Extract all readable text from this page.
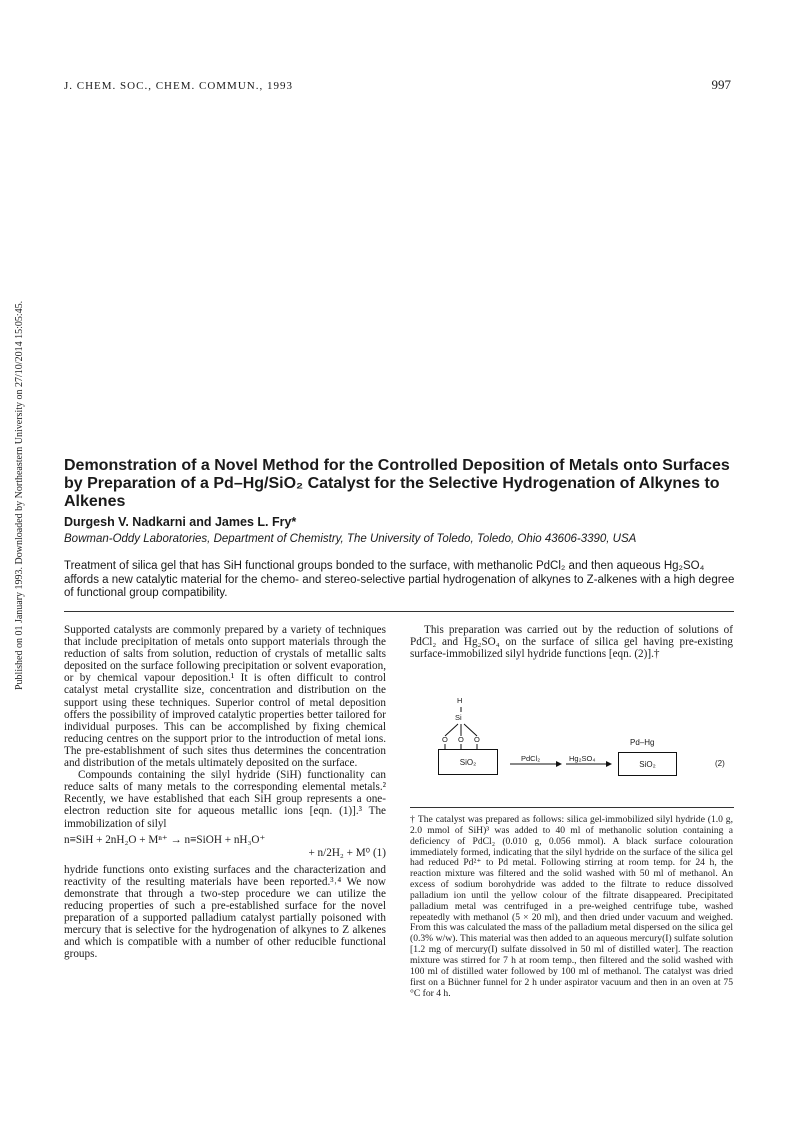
J. CHEM. SOC., CHEM. COMMUN., 1993	997
Published on 01 January 1993. Downloaded by Northeastern University on 27/10/2014 15:05:45. Demonstration of a Novel Method for the Controlled Deposition of Metals onto Surfaces by Preparation of a Pd–Hg/SiO₂ Catalyst for the Selective Hydrogenation of Alkynes to Alkenes
Durgesh V. Nadkarni and James L. Fry*
Bowman-Oddy Laboratories, Department of Chemistry, The University of Toledo, Toledo, Ohio 43606-3390, USA
Treatment of silica gel that has SiH functional groups bonded to the surface, with methanolic PdCl₂ and then aqueous Hg₂SO₄ affords a new catalytic material for the chemo- and stereo-selective partial hydrogenation of alkynes to Z-alkenes with a high degree of functional group compatibility.

Supported catalysts are commonly prepared by a variety of techniques that include precipitation of metals onto support materials through the reduction of salts from solution, reduction of crystals of metallic salts deposited on the surface following precipitation or solvent evaporation, or by chemical vapour deposition.¹ It is often difficult to control catalyst metal crystallite size, concentration and distribution on the support using these techniques. Superior control of metal deposition offers the possibility of improved catalytic properties better tailored for individual purposes. This can be accomplished by fixing chemical reducing centres on the support prior to the introduction of metal ions. The pre-establishment of such sites thus determines the concentration and distribution of the metals ultimately deposited on the surface.

Compounds containing the silyl hydride (SiH) functionality can reduce salts of many metals to the corresponding elemental metals.² Recently, we have established that each SiH group represents a one-electron reduction site for aqueous metallic ions [eqn. (1)].³ The immobilization of silyl

n≡SiH + 2nH₂O + Mⁿ⁺ → n≡SiOH + nH₃O⁺
+ n/2H₂ + M⁰ (1)

hydride functions onto existing surfaces and the characterization and reactivity of the resulting materials have been reported.³˒⁴ We now demonstrate that through a two-step procedure we can utilize the reducing properties of such a pre-established surface for the novel preparation of a supported palladium catalyst partially poisoned with mercury that is selective for the hydrogenation of alkynes to Z alkenes and which is compatible with a number of other reducible functional groups.

This preparation was carried out by the reduction of solutions of PdCl₂ and Hg₂SO₄ on the surface of silica gel having pre-existing surface-immobilized silyl hydride functions [eqn. (2)].†

H
Si
O O O
SiO₂	PdCl₂	Hg₂SO₄
Pd–Hg
SiO₂	(2)
† The catalyst was prepared as follows: silica gel-immobilized silyl hydride (1.0 g, 2.0 mmol of SiH)³ was added to 40 ml of methanolic solution containing a deficiency of PdCl₂ (0.010 g, 0.056 mmol). A black surface colouration immediately formed, indicating that the silyl hydride on the surface of the silica gel had reduced Pd²⁺ to Pd metal. Following stirring at room temp. for 24 h, the reaction mixture was filtered and the solid washed with 50 ml of methanol. An excess of sodium borohydride was added to the filtrate to reduce dissolved palladium ion until the yellow colour of the filtrate disappeared. Precipitated palladium metal was centrifuged in a pre-weighed centrifuge tube, washed repeatedly with methanol (5 × 20 ml), and then dried under vacuum and weighed. From this was calculated the mass of the palladium metal dispersed on the silica gel (0.3% w/w). This material was then added to an aqueous mercury(I) sulfate solution [1.2 mg of mercury(I) sulfate dissolved in 50 ml of distilled water]. The reaction mixture was stirred for 7 h at room temp., then filtered and the solid washed with 100 ml of distilled water followed by 100 ml of methanol. The catalyst was dried first on a Büchner funnel for 2 h under aspirator vacuum and then in an oven at 75 °C for 4 h.
